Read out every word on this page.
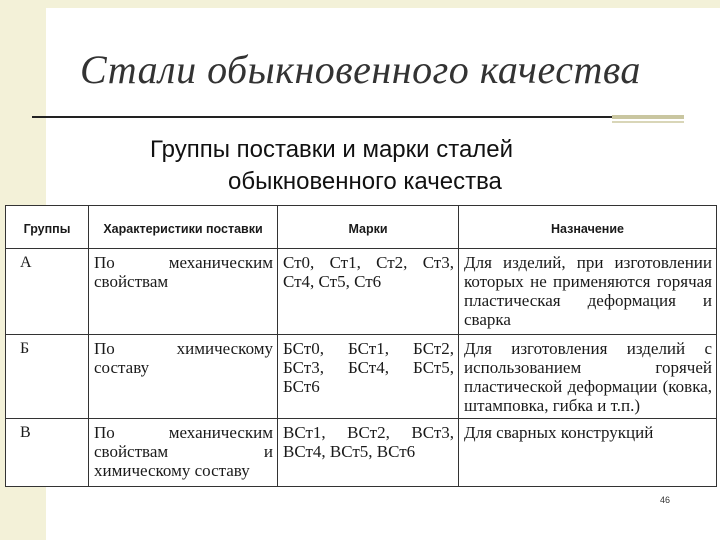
Стали обыкновенного качества
Группы поставки и марки сталей
обыкновенного качества
Группы	Характеристики поставки	Марки	Назначение
А	По механическим свойствам	Ст0, Ст1, Ст2, Ст3, Ст4, Ст5, Ст6	Для изделий, при изготовлении которых не применяются горячая пластическая деформация и сварка
Б	По химическому составу	БСт0, БСт1, БСт2, БСт3, БСт4, БСт5, БСт6	Для изготовления изделий с использованием горячей пластической деформации (ковка, штамповка, гибка и т.п.)
В	По механическим свойствам и химическому составу	ВСт1, ВСт2, ВСт3, ВСт4, ВСт5, ВСт6	Для сварных конструкций
46
